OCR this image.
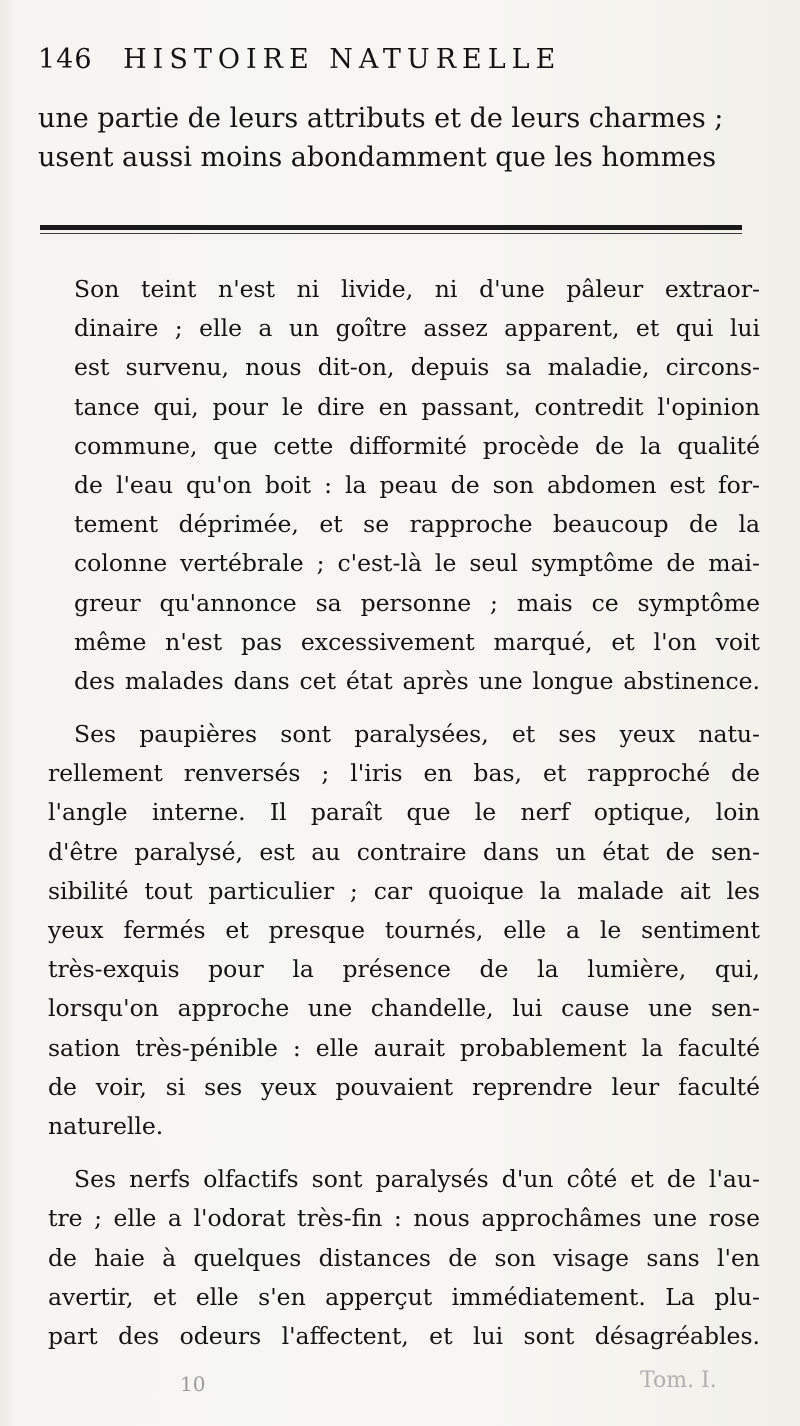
146 HISTOIRE NATURELLE
une partie de leurs attributs et de leurs charmes ;
usent aussi moins abondamment que les hommes
Son teint n'est ni livide, ni d'une pâleur extraor-
dinaire ; elle a un goître assez apparent, et qui lui
est survenu, nous dit-on, depuis sa maladie, circons-
tance qui, pour le dire en passant, contredit l'opinion
commune, que cette difformité procède de la qualité
de l'eau qu'on boit : la peau de son abdomen est for-
tement déprimée, et se rapproche beaucoup de la
colonne vertébrale ; c'est-là le seul symptôme de mai-
greur qu'annonce sa personne ; mais ce symptôme
même n'est pas excessivement marqué, et l'on voit
des malades dans cet état après une longue abstinence.
Ses paupières sont paralysées, et ses yeux natu-
rellement renversés ; l'iris en bas, et rapproché de
l'angle interne. Il paraît que le nerf optique, loin
d'être paralysé, est au contraire dans un état de sen-
sibilité tout particulier ; car quoique la malade ait les
yeux fermés et presque tournés, elle a le sentiment
très-exquis pour la présence de la lumière, qui,
lorsqu'on approche une chandelle, lui cause une sen-
sation très-pénible : elle aurait probablement la faculté
de voir, si ses yeux pouvaient reprendre leur faculté
naturelle.
Ses nerfs olfactifs sont paralysés d'un côté et de l'au-
tre ; elle a l'odorat très-fin : nous approchâmes une rose
de haie à quelques distances de son visage sans l'en
avertir, et elle s'en apperçut immédiatement. La plu-
part des odeurs l'affectent, et lui sont désagréables.
10	Tom. I.
